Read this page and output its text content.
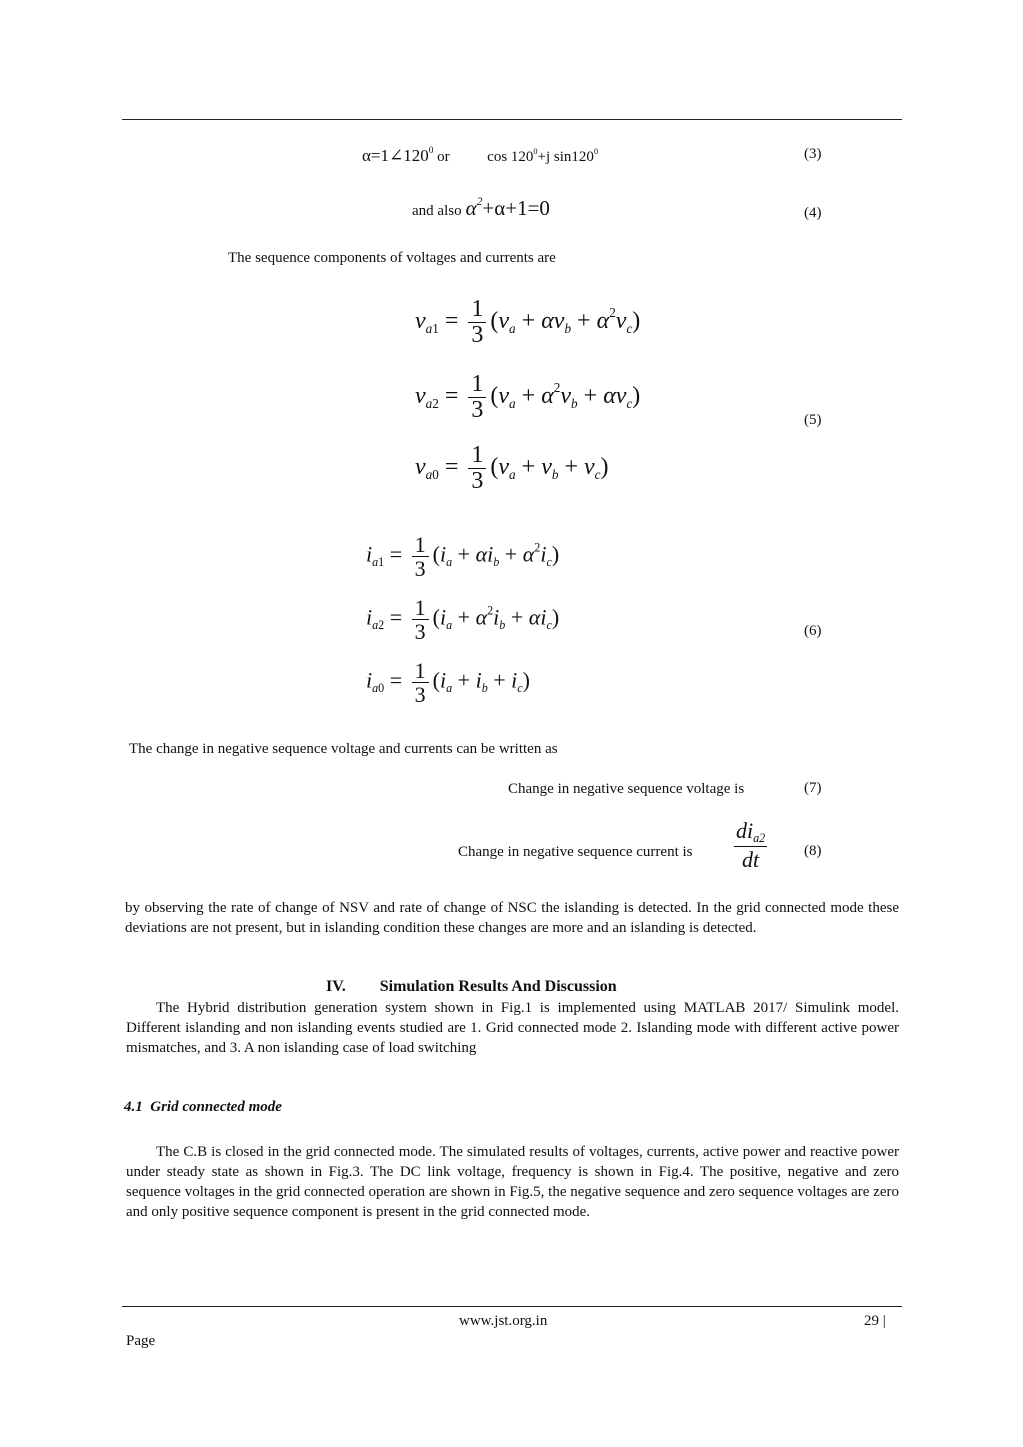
$\alpha=1\angle 120^0$ or	$\cos 120^0+j$ $\sin 120^0$	(3)
and also $\alpha^2+\alpha+1=0$	(4)
The sequence components of voltages and currents are
$v_{a1} = \frac{1}{3} (v_a + \alpha v_b + \alpha^2v_c)$
$v_{a2} = \frac{1}{3} (v_a + \alpha^2v_b + \alpha v_c)$
$v_{a0} = \frac{1}{3} (v_a + v_b + v_c)$
(5)
$i_{a1} = \frac{1}{3} (i_a + \alpha i_b + \alpha^2i_c)$
$i_{a2} = \frac{1}{3} (i_a + \alpha^2i_b + \alpha i_c)$
$i_{a0} = \frac{1}{3} (i_a + i_b + i_c)$
(6)
The change in negative sequence voltage and currents can be written as
Change in negative sequence voltage is	(7)
Change in negative sequence current is
$di_{a2}$
dt	(8)
by observing the rate of change of NSV and rate of change of NSC the islanding is detected. In the grid connected mode these deviations are not present, but in islanding condition these changes are more and an islanding is detected.
IV. Simulation Results And Discussion
The Hybrid distribution generation system shown in Fig.1 is implemented using MATLAB 2017/ Simulink model. Different islanding and non islanding events studied are 1. Grid connected mode 2. Islanding mode with different active power mismatches, and 3. A non islanding case of load switching
4.1  Grid connected mode
The C.B is closed in the grid connected mode. The simulated results of voltages, currents, active power and reactive power under steady state as shown in Fig.3. The DC link voltage, frequency is shown in Fig.4. The positive, negative and zero sequence voltages in the grid connected operation are shown in Fig.5, the negative sequence and zero sequence voltages are zero and only positive sequence component is present in the grid connected mode.
www.jst.org.in	29 |
Page
